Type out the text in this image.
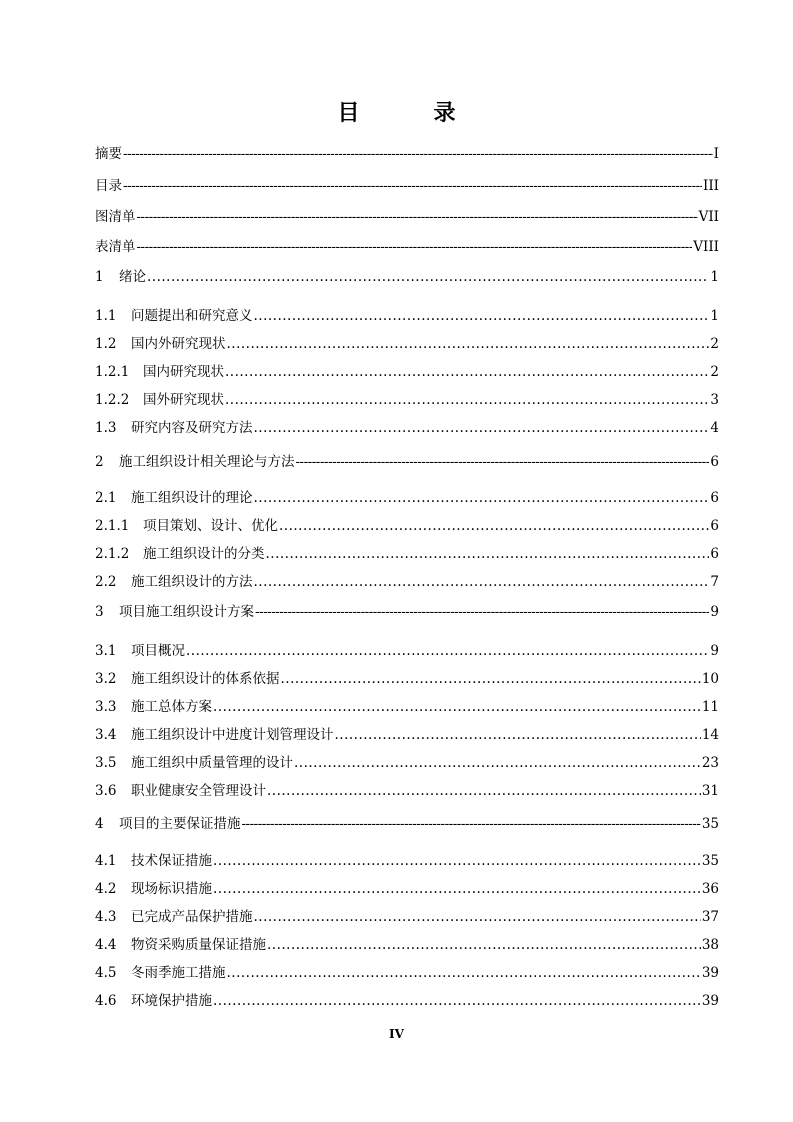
目　录
摘要 -----	I
目录 -----	III
图清单 -----	VII
表清单 -----	VIII
1	绪论 .....	1
1.1	问题提出和研究意义 .....	1
1.2	国内外研究现状 .....	2
1.2.1	国内研究现状 .....	2
1.2.2	国外研究现状 .....	3
1.3	研究内容及研究方法 .....	4
2	施工组织设计相关理论与方法 -----	6
2.1	施工组织设计的理论 .....	6
2.1.1	项目策划、设计、优化 .....	6
2.1.2	施工组织设计的分类 .....	6
2.2	施工组织设计的方法 .....	7
3	项目施工组织设计方案 -----	9
3.1	项目概况 .....	9
3.2	施工组织设计的体系依据 .....	10
3.3	施工总体方案 .....	11
3.4	施工组织设计中进度计划管理设计 .....	14
3.5	施工组织中质量管理的设计 .....	23
3.6	职业健康安全管理设计 .....	31
4	项目的主要保证措施 -----	35
4.1	技术保证措施 .....	35
4.2	现场标识措施 .....	36
4.3	已完成产品保护措施 .....	37
4.4	物资采购质量保证措施 .....	38
4.5	冬雨季施工措施 .....	39
4.6	环境保护措施 .....	39
IV
